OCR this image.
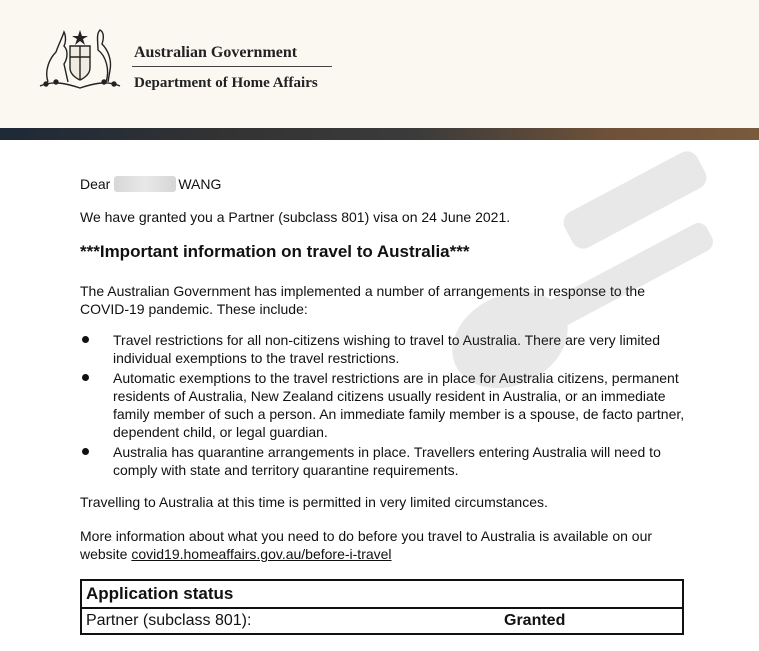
Australian Government
Department of Home Affairs
Dear	WANG
We have granted you a Partner (subclass 801) visa on 24 June 2021.
***Important information on travel to Australia***
The Australian Government has implemented a number of arrangements in response to the COVID-19 pandemic. These include:
Travel restrictions for all non-citizens wishing to travel to Australia. There are very limited individual exemptions to the travel restrictions.
Automatic exemptions to the travel restrictions are in place for Australia citizens, permanent residents of Australia, New Zealand citizens usually resident in Australia, or an immediate family member of such a person. An immediate family member is a spouse, de facto partner, dependent child, or legal guardian.
Australia has quarantine arrangements in place. Travellers entering Australia will need to comply with state and territory quarantine requirements.
Travelling to Australia at this time is permitted in very limited circumstances.
More information about what you need to do before you travel to Australia is available on our website covid19.homeaffairs.gov.au/before-i-travel
Application status
Partner (subclass 801):	Granted
